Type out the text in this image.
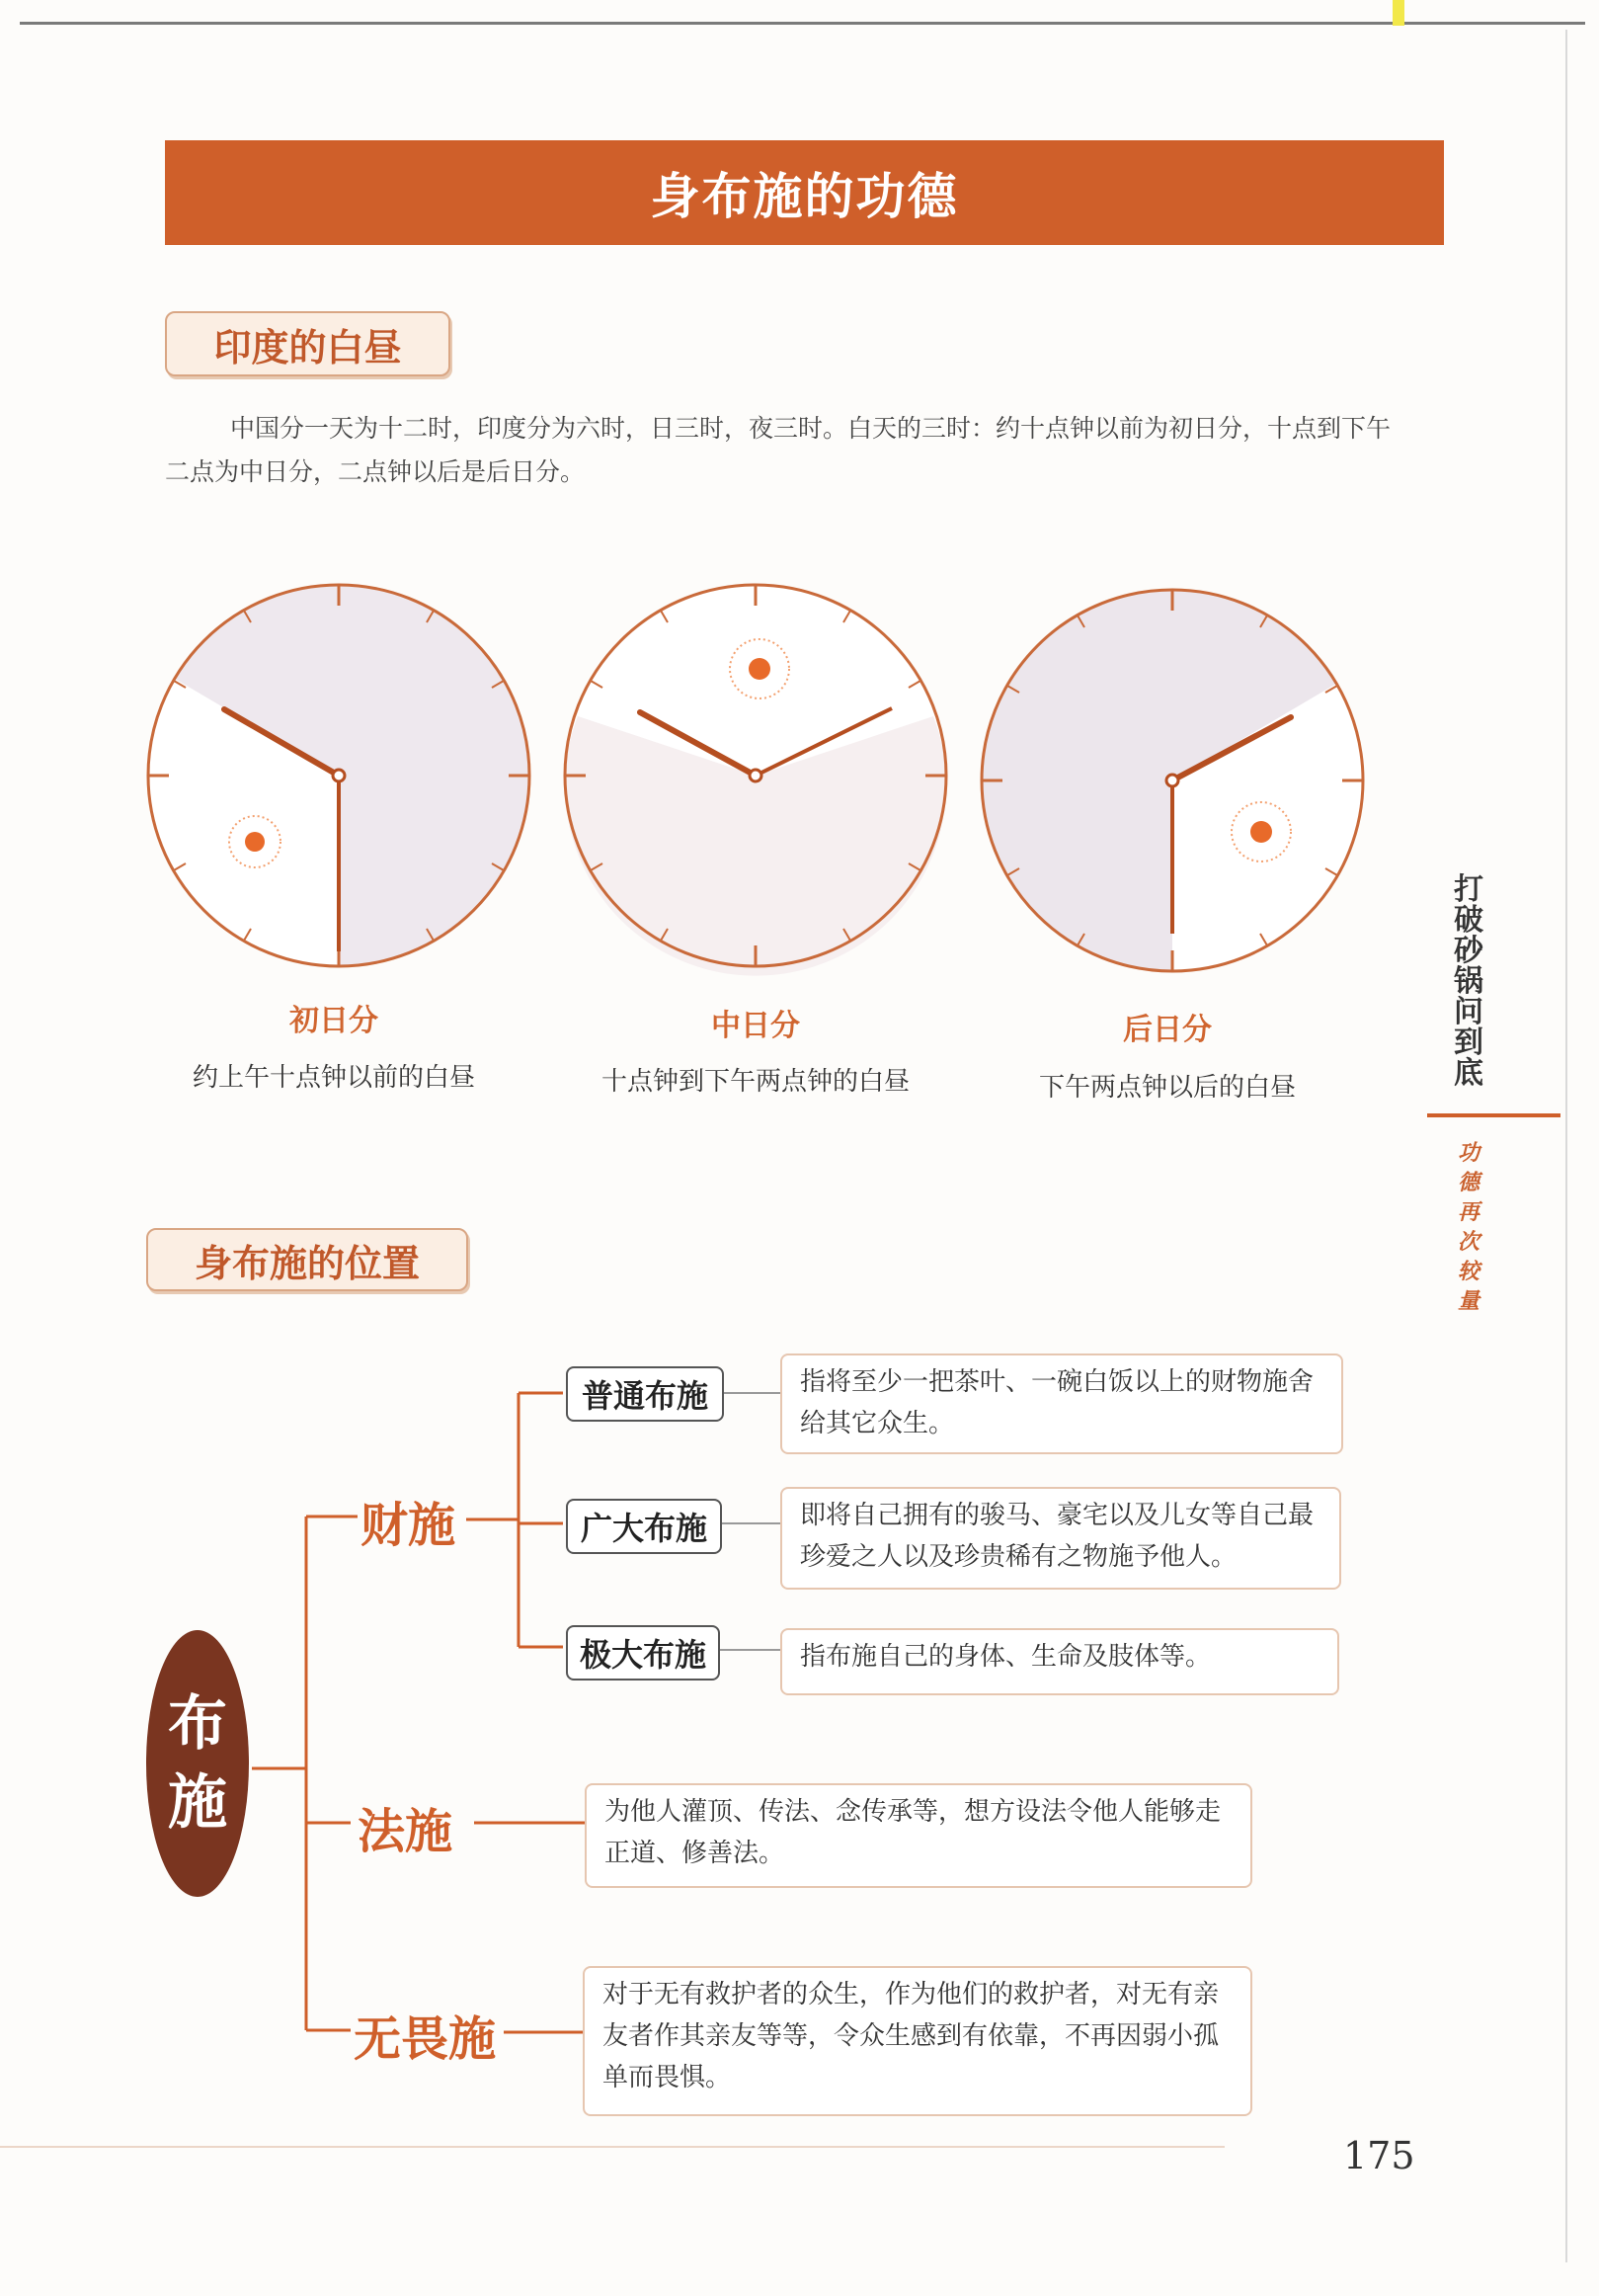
身布施的功德
印度的白昼
中国分一天为十二时，印度分为六时，日三时，夜三时。白天的三时：约十点钟以前为初日分，十点到下午二点为中日分，二点钟以后是后日分。
初日分
约上午十点钟以前的白昼
中日分
十点钟到下午两点钟的白昼
后日分
下午两点钟以后的白昼
打破砂锅问到底
功德再次较量
身布施的位置
布施
财施
法施
无畏施
普通布施
广大布施
极大布施
指将至少一把茶叶、一碗白饭以上的财物施舍给其它众生。
即将自己拥有的骏马、豪宅以及儿女等自己最珍爱之人以及珍贵稀有之物施予他人。
指布施自己的身体、生命及肢体等。
为他人灌顶、传法、念传承等，想方设法令他人能够走正道、修善法。
对于无有救护者的众生，作为他们的救护者，对无有亲友者作其亲友等等，令众生感到有依靠，不再因弱小孤单而畏惧。
175
